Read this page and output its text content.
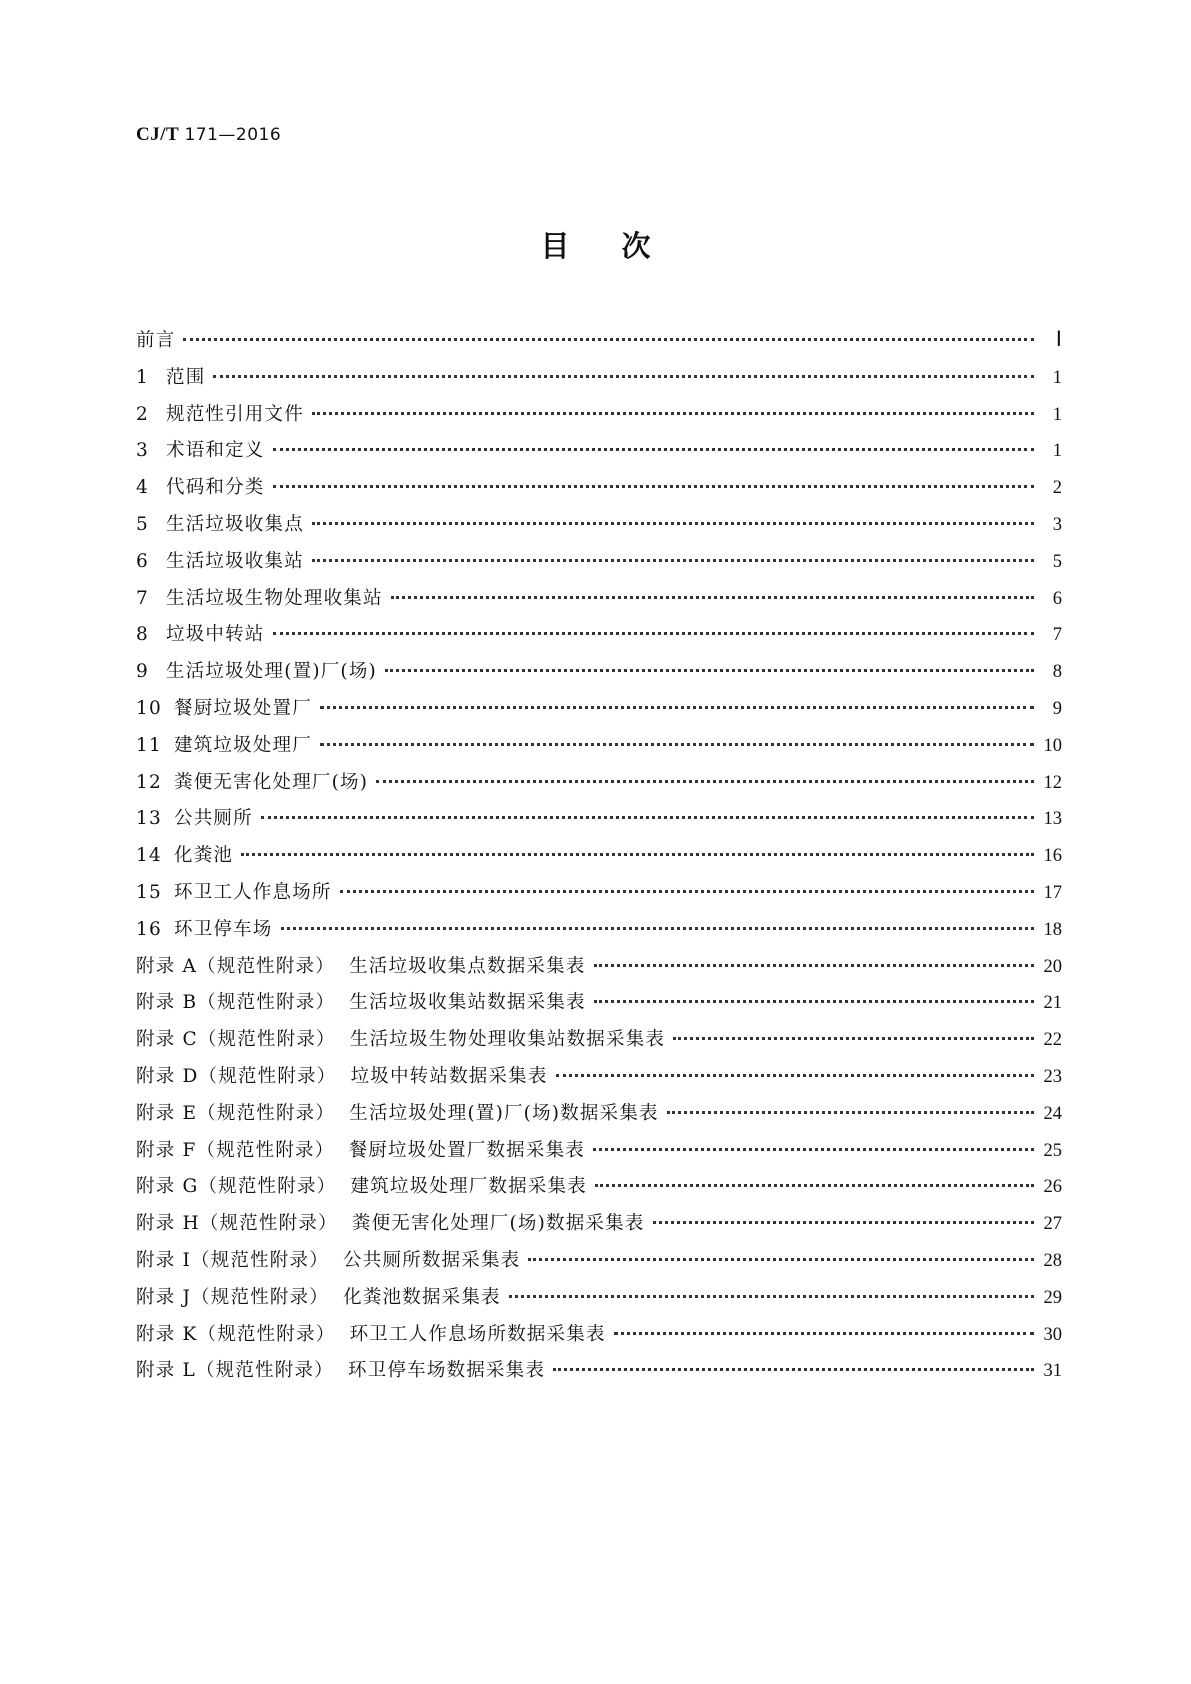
CJ/T 171—2016
目次
前言	Ⅰ
1 范围	1
2 规范性引用文件	1
3 术语和定义	1
4 代码和分类	2
5 生活垃圾收集点	3
6 生活垃圾收集站	5
7 生活垃圾生物处理收集站	6
8 垃圾中转站	7
9 生活垃圾处理(置)厂(场)	8
10 餐厨垃圾处置厂	9
11 建筑垃圾处理厂	10
12 粪便无害化处理厂(场)	12
13 公共厕所	13
14 化粪池	16
15 环卫工人作息场所	17
16 环卫停车场	18
附录 A（规范性附录）  生活垃圾收集点数据采集表	20
附录 B（规范性附录）  生活垃圾收集站数据采集表	21
附录 C（规范性附录）  生活垃圾生物处理收集站数据采集表	22
附录 D（规范性附录）  垃圾中转站数据采集表	23
附录 E（规范性附录）  生活垃圾处理(置)厂(场)数据采集表	24
附录 F（规范性附录）  餐厨垃圾处置厂数据采集表	25
附录 G（规范性附录）  建筑垃圾处理厂数据采集表	26
附录 H（规范性附录）  粪便无害化处理厂(场)数据采集表	27
附录 I（规范性附录）  公共厕所数据采集表	28
附录 J（规范性附录）  化粪池数据采集表	29
附录 K（规范性附录）  环卫工人作息场所数据采集表	30
附录 L（规范性附录）  环卫停车场数据采集表	31
